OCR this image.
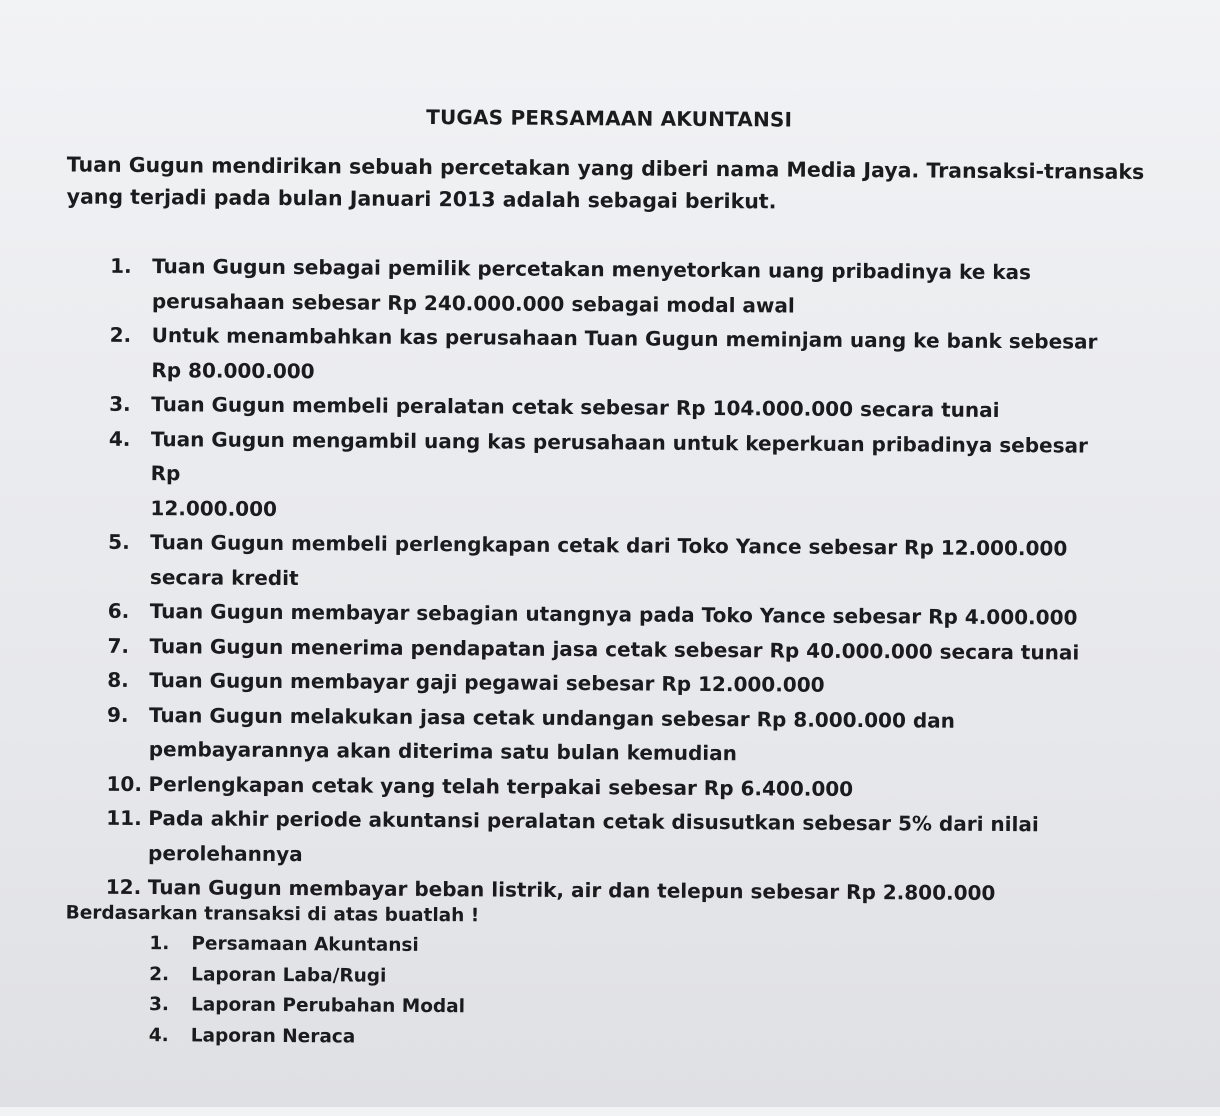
TUGAS PERSAMAAN AKUNTANSI
Tuan Gugun mendirikan sebuah percetakan yang diberi nama Media Jaya. Transaksi-transaks
yang terjadi pada bulan Januari 2013 adalah sebagai berikut.
1.	Tuan Gugun sebagai pemilik percetakan menyetorkan uang pribadinya ke kas
perusahaan sebesar Rp 240.000.000 sebagai modal awal
2.	Untuk menambahkan kas perusahaan Tuan Gugun meminjam uang ke bank sebesar
Rp 80.000.000
3.	Tuan Gugun membeli peralatan cetak sebesar Rp 104.000.000 secara tunai
4.	Tuan Gugun mengambil uang kas perusahaan untuk keperkuan pribadinya sebesar Rp
12.000.000
5.	Tuan Gugun membeli perlengkapan cetak dari Toko Yance sebesar Rp 12.000.000
secara kredit
6.	Tuan Gugun membayar sebagian utangnya pada Toko Yance sebesar Rp 4.000.000
7.	Tuan Gugun menerima pendapatan jasa cetak sebesar Rp 40.000.000 secara tunai
8.	Tuan Gugun membayar gaji pegawai sebesar Rp 12.000.000
9.	Tuan Gugun melakukan jasa cetak undangan sebesar Rp 8.000.000 dan
pembayarannya akan diterima satu bulan kemudian
10. Perlengkapan cetak yang telah terpakai sebesar Rp 6.400.000
11. Pada akhir periode akuntansi peralatan cetak disusutkan sebesar 5% dari nilai
perolehannya
12. Tuan Gugun membayar beban listrik, air dan telepun sebesar Rp 2.800.000
Berdasarkan transaksi di atas buatlah !
1.	Persamaan Akuntansi
2.	Laporan Laba/Rugi
3.	Laporan Perubahan Modal
4.	Laporan Neraca
